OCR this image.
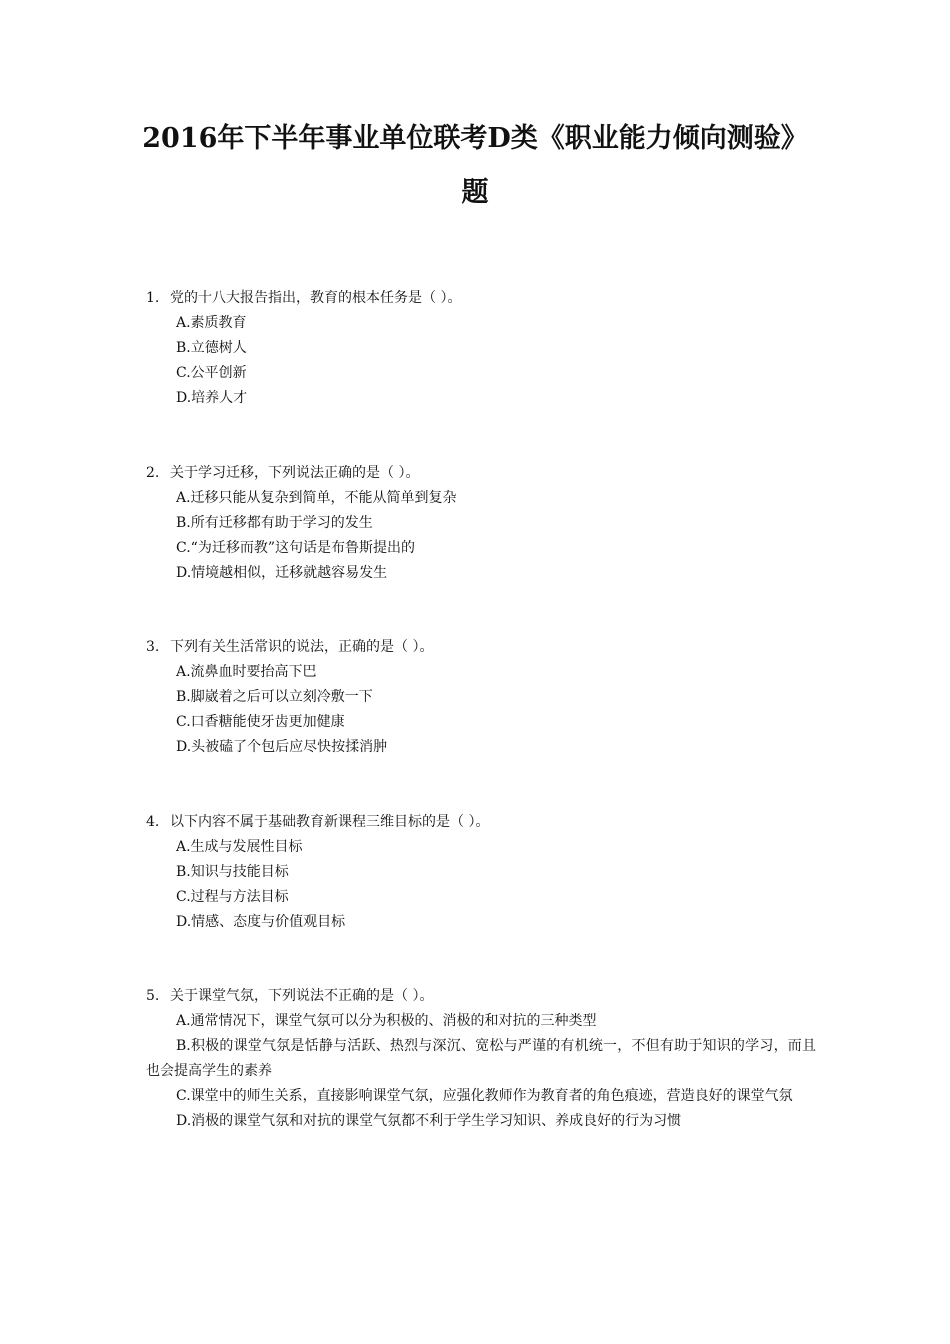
2016年下半年事业单位联考D类《职业能力倾向测验》
题
1. 党的十八大报告指出，教育的根本任务是（ ）。
A.素质教育
B.立德树人
C.公平创新
D.培养人才
2. 关于学习迁移，下列说法正确的是（ ）。
A.迁移只能从复杂到简单，不能从简单到复杂
B.所有迁移都有助于学习的发生
C.“为迁移而教”这句话是布鲁斯提出的
D.情境越相似，迁移就越容易发生
3. 下列有关生活常识的说法，正确的是（ ）。
A.流鼻血时要抬高下巴
B.脚崴着之后可以立刻冷敷一下
C.口香糖能使牙齿更加健康
D.头被磕了个包后应尽快按揉消肿
4. 以下内容不属于基础教育新课程三维目标的是（ ）。
A.生成与发展性目标
B.知识与技能目标
C.过程与方法目标
D.情感、态度与价值观目标
5. 关于课堂气氛，下列说法不正确的是（ ）。
A.通常情况下，课堂气氛可以分为积极的、消极的和对抗的三种类型
B.积极的课堂气氛是恬静与活跃、热烈与深沉、宽松与严谨的有机统一，不但有助于知识的学习，而且也会提高学生的素养
C.课堂中的师生关系，直接影响课堂气氛，应强化教师作为教育者的角色痕迹，营造良好的课堂气氛
D.消极的课堂气氛和对抗的课堂气氛都不利于学生学习知识、养成良好的行为习惯
